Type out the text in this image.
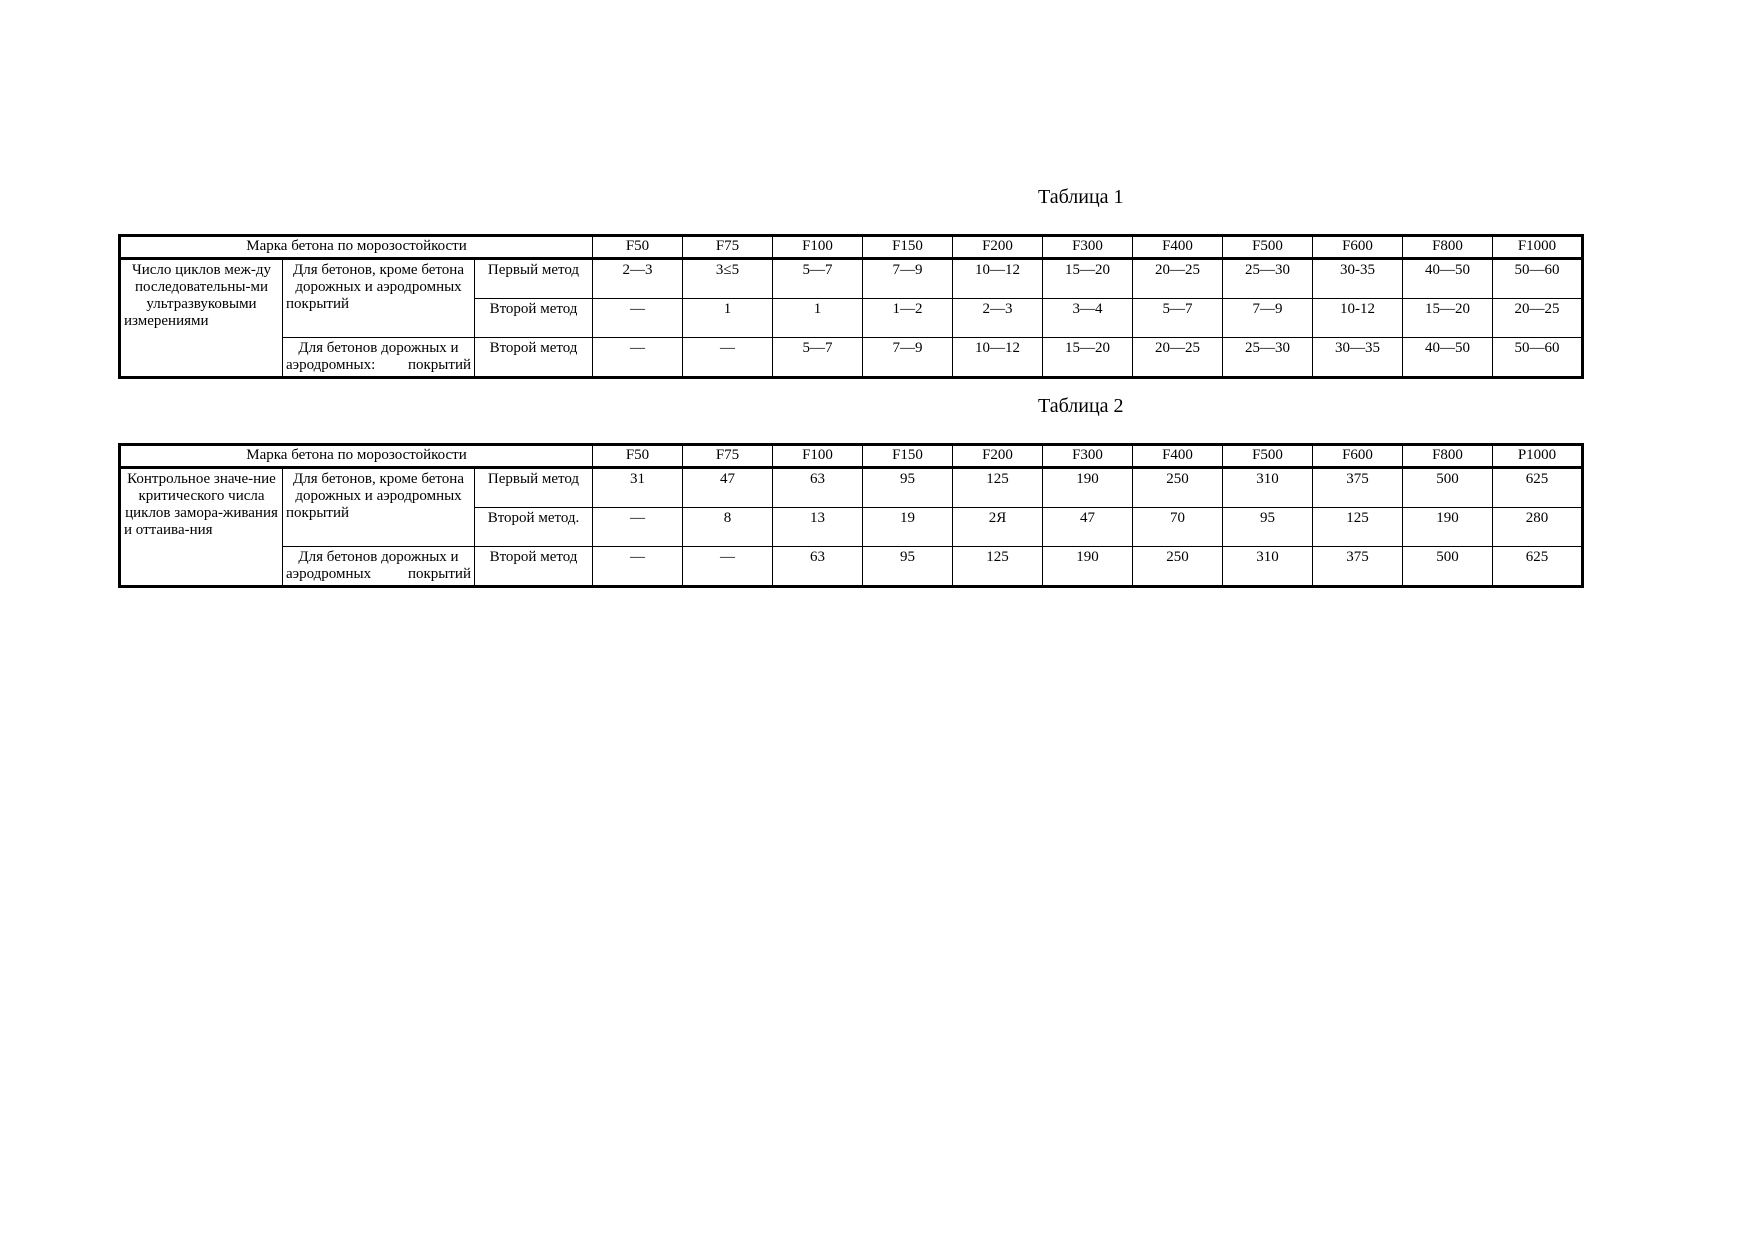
Таблица 1
Марка бетона по морозостойкости			F50	F75	F100	F150	F200	F300	F400	F500	F600	F800	F1000
Число циклов меж-ду последовательны-ми ультразвуковыми измерениями	Для бетонов, кроме бетона дорожных и аэродромных покрытий	Первый метод	2—3	3≤5	5—7	7—9	10—12	15—20	20—25	25—30	30-35	40—50	50—60
		Второй метод	—	1	1	1—2	2—3	3—4	5—7	7—9	10-12	15—20	20—25
	Для бетонов дорожных и аэродромных: покрытий	Второй метод	—	—	5—7	7—9	10—12	15—20	20—25	25—30	30—35	40—50	50—60
Таблица 2
Марка бетона по морозостойкости			F50	F75	F100	F150	F200	F300	F400	F500	F600	F800	P1000
Контрольное значе-ние критического числа циклов замора-живания и оттаива-ния	Для бетонов, кроме бетона дорожных и аэродромных покрытий	Первый метод	31	47	63	95	125	190	250	310	375	500	625
		Второй метод.	—	8	13	19	2Я	47	70	95	125	190	280
	Для бетонов дорожных и аэродромных покрытий	Второй метод	—	—	63	95	125	190	250	310	375	500	625
